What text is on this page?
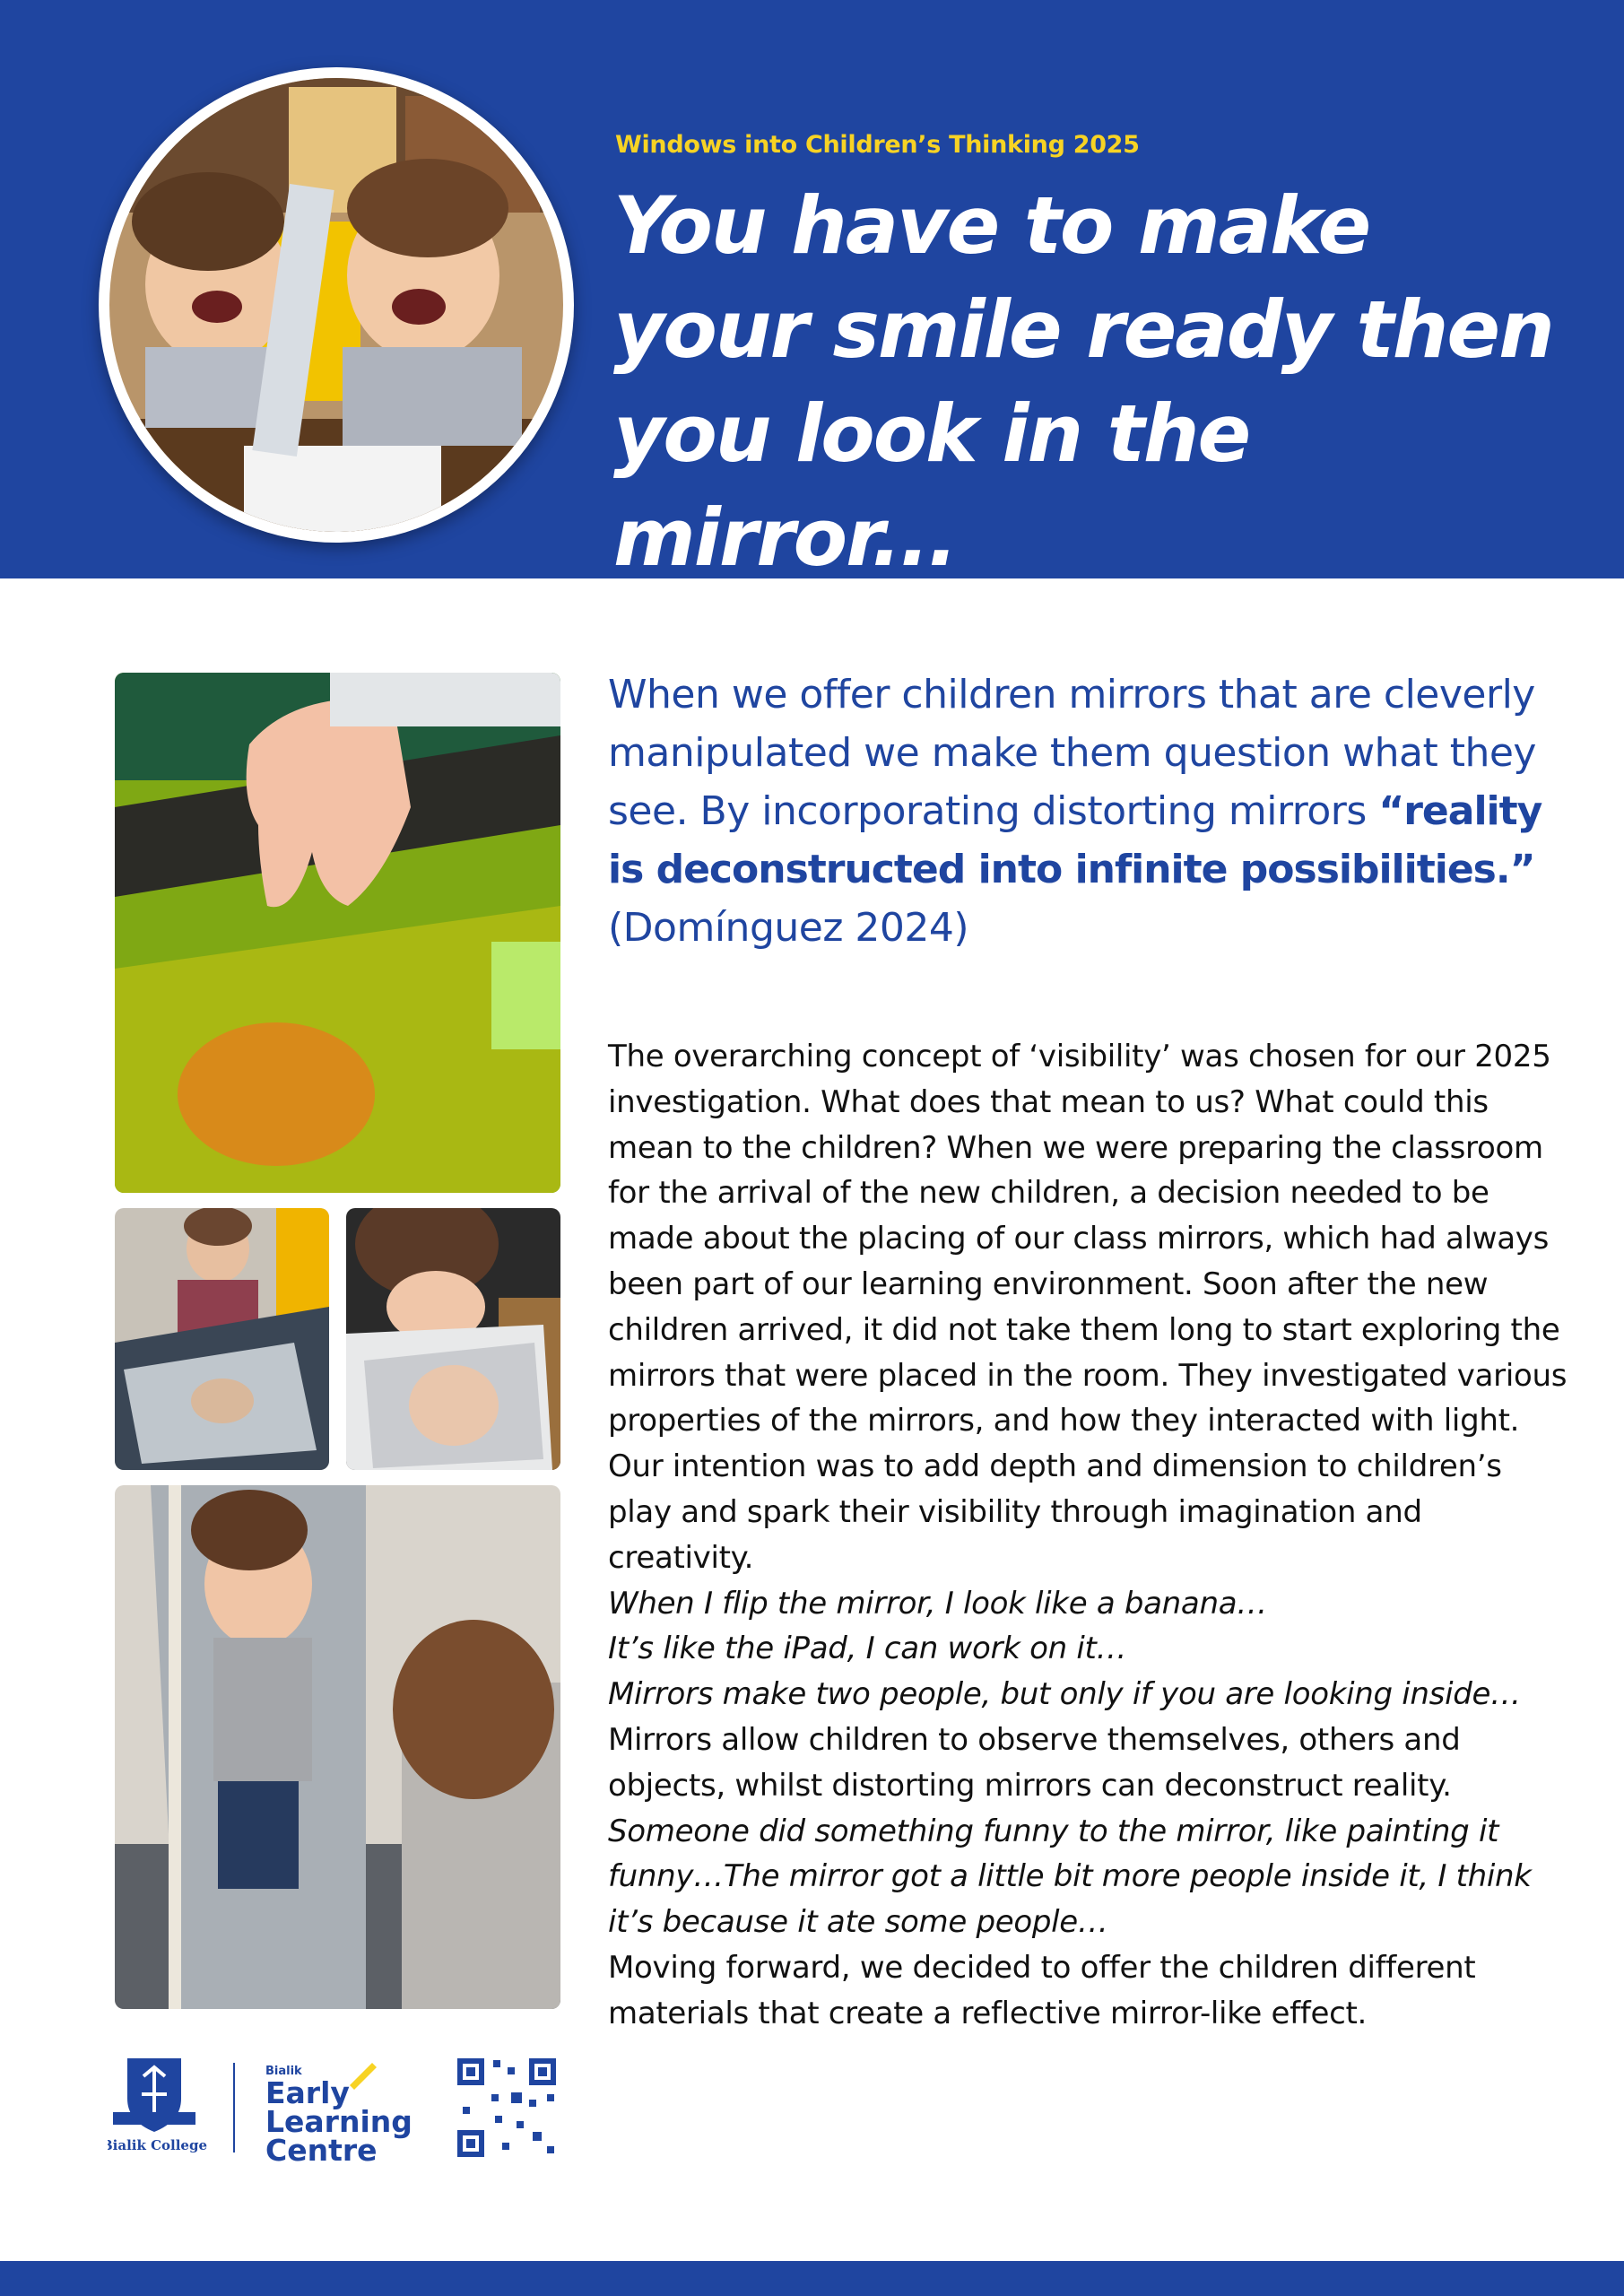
Windows into Children’s Thinking 2025
You have to make your smile ready then you look in the mirror...
When we offer children mirrors that are cleverly manipulated we make them question what they see. By incorporating distorting mirrors “reality is deconstructed into infinite possibilities.”
(Domínguez 2024)

The overarching concept of ‘visibility’ was chosen for our 2025 investigation. What does that mean to us? What could this mean to the children? When we were preparing the classroom for the arrival of the new children, a decision needed to be made about the placing of our class mirrors, which had always been part of our learning environment. Soon after the new children arrived, it did not take them long to start exploring the mirrors that were placed in the room. They investigated various properties of the mirrors, and how they interacted with light. Our intention was to add depth and dimension to children’s play and spark their visibility through imagination and creativity.

When I flip the mirror, I look like a banana…

It’s like the iPad, I can work on it…

Mirrors make two people, but only if you are looking inside…

Mirrors allow children to observe themselves, others and objects, whilst distorting mirrors can deconstruct reality.

Someone did something funny to the mirror, like painting it funny…The mirror got a little bit more people inside it, I think it’s because it ate some people…

Moving forward, we decided to offer the children different materials that create a reflective mirror-like effect.

Bialik College
Bialik
Early
Learning
Centre
